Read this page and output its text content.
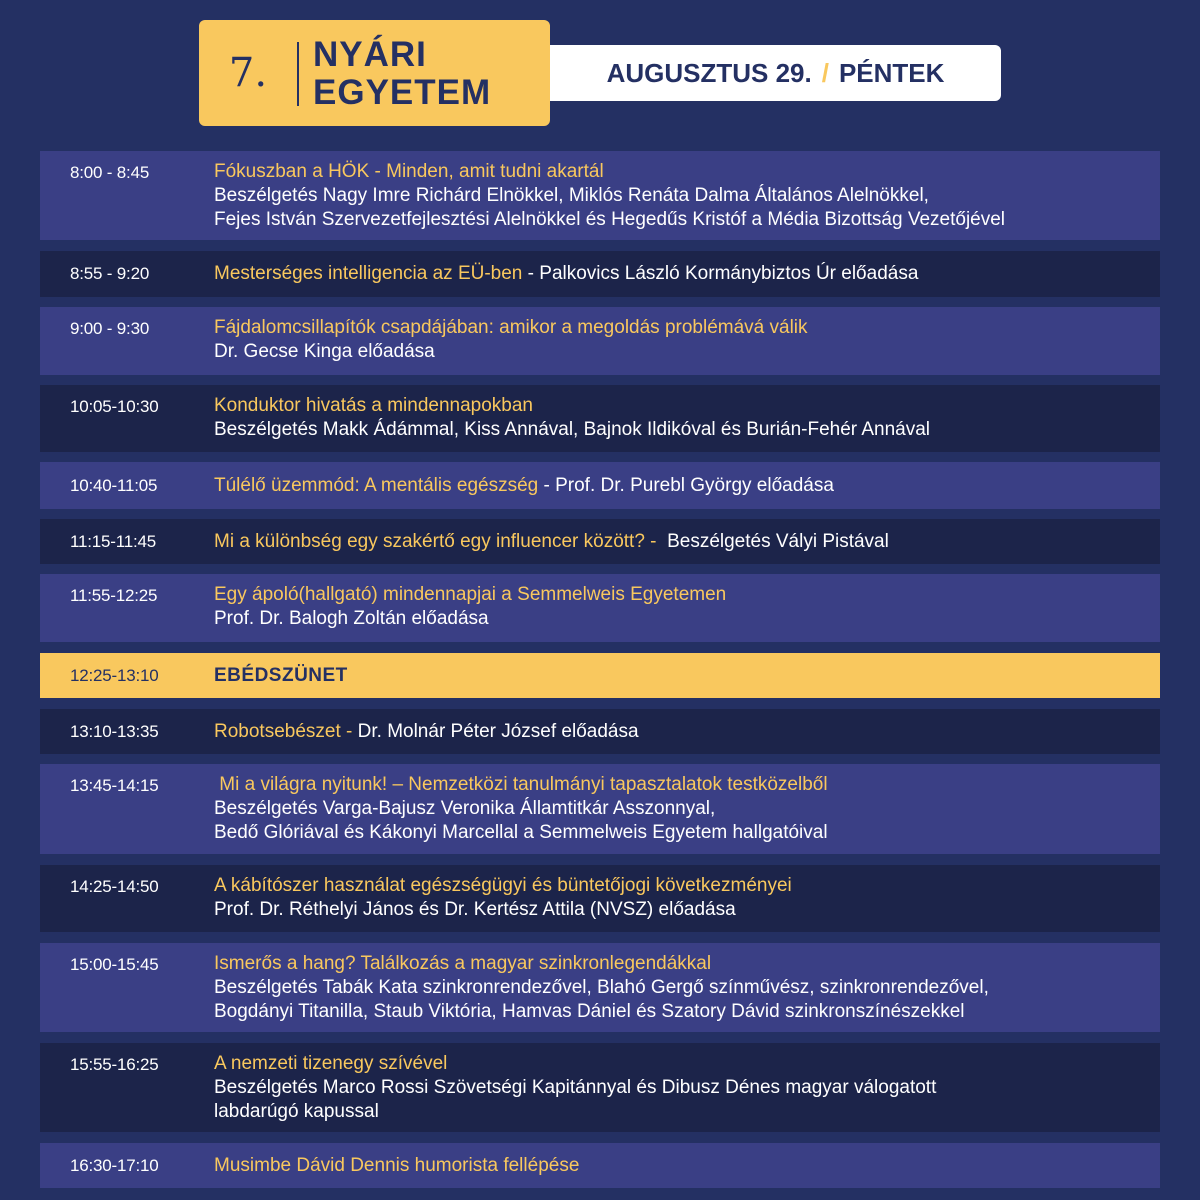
7.	NYÁRI
EGYETEM
AUGUSZTUS 29. / PÉNTEK
8:00 - 8:45	Fókuszban a HÖK - Minden, amit tudni akartál
Beszélgetés Nagy Imre Richárd Elnökkel, Miklós Renáta Dalma Általános Alelnökkel,
Fejes István Szervezetfejlesztési Alelnökkel és Hegedűs Kristóf a Média Bizottság Vezetőjével
8:55 - 9:20	Mesterséges intelligencia az EÜ-ben - Palkovics László Kormánybiztos Úr előadása
9:00 - 9:30	Fájdalomcsillapítók csapdájában: amikor a megoldás problémává válik
Dr. Gecse Kinga előadása
10:05-10:30	Konduktor hivatás a mindennapokban
Beszélgetés Makk Ádámmal, Kiss Annával, Bajnok Ildikóval és Burián-Fehér Annával
10:40-11:05	Túlélő üzemmód: A mentális egészség - Prof. Dr. Purebl György előadása
11:15-11:45	Mi a különbség egy szakértő egy influencer között? - Beszélgetés Vályi Pistával
11:55-12:25	Egy ápoló(hallgató) mindennapjai a Semmelweis Egyetemen
Prof. Dr. Balogh Zoltán előadása
12:25-13:10	EBÉDSZÜNET
13:10-13:35	Robotsebészet - Dr. Molnár Péter József előadása
13:45-14:15	Mi a világra nyitunk! – Nemzetközi tanulmányi tapasztalatok testközelből
Beszélgetés Varga-Bajusz Veronika Államtitkár Asszonnyal,
Bedő Glóriával és Kákonyi Marcellal a Semmelweis Egyetem hallgatóival
14:25-14:50	A kábítószer használat egészségügyi és büntetőjogi következményei
Prof. Dr. Réthelyi János és Dr. Kertész Attila (NVSZ) előadása
15:00-15:45	Ismerős a hang? Találkozás a magyar szinkronlegendákkal
Beszélgetés Tabák Kata szinkronrendezővel, Blahó Gergő színművész, szinkronrendezővel,
Bogdányi Titanilla, Staub Viktória, Hamvas Dániel és Szatory Dávid szinkronszínészekkel
15:55-16:25	A nemzeti tizenegy szívével
Beszélgetés Marco Rossi Szövetségi Kapitánnyal és Dibusz Dénes magyar válogatott
labdarúgó kapussal
16:30-17:10	Musimbe Dávid Dennis humorista fellépése
